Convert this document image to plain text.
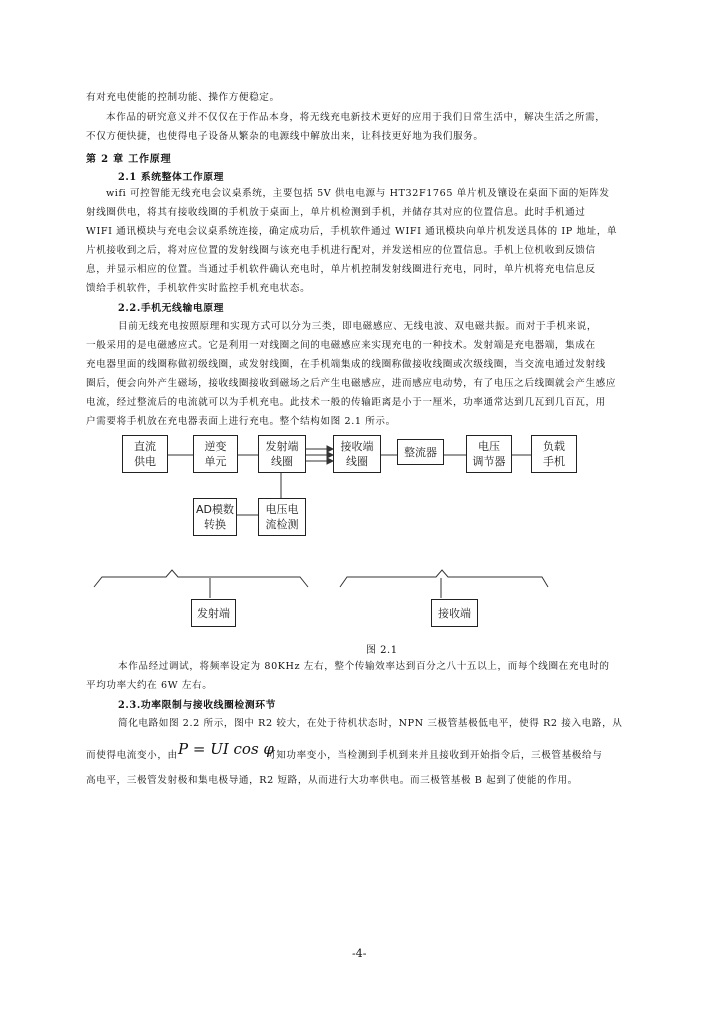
有对充电使能的控制功能、操作方便稳定。
本作品的研究意义并不仅仅在于作品本身，将无线充电新技术更好的应用于我们日常生活中，解决生活之所需，
不仅方便快捷，也使得电子设备从繁杂的电源线中解放出来，让科技更好地为我们服务。
第 2 章 工作原理
2.1 系统整体工作原理
wifi 可控智能无线充电会议桌系统，主要包括 5V 供电电源与 HT32F1765 单片机及镶设在桌面下面的矩阵发
射线圈供电，将其有接收线圈的手机放于桌面上，单片机检测到手机，并储存其对应的位置信息。此时手机通过
WIFI 通讯模块与充电会议桌系统连接，确定成功后，手机软件通过 WIFI 通讯模块向单片机发送具体的 IP 地址，单
片机接收到之后，将对应位置的发射线圈与该充电手机进行配对，并发送相应的位置信息。手机上位机收到反馈信
息，并显示相应的位置。当通过手机软件确认充电时，单片机控制发射线圈进行充电，同时，单片机将充电信息反
馈给手机软件，手机软件实时监控手机充电状态。
2.2.手机无线输电原理
目前无线充电按照原理和实现方式可以分为三类，即电磁感应、无线电波、双电磁共振。而对于手机来说，
一般采用的是电磁感应式。它是利用一对线圈之间的电磁感应来实现充电的一种技术。发射端是充电器端，集成在
充电器里面的线圈称做初级线圈，或发射线圈，在手机端集成的线圈称做接收线圈或次级线圈，当交流电通过发射线
圈后，便会向外产生磁场，接收线圈接收到磁场之后产生电磁感应，进而感应电动势，有了电压之后线圈就会产生感应
电流，经过整流后的电流就可以为手机充电。此技术一般的传输距离是小于一厘米，功率通常达到几瓦到几百瓦，用
户需要将手机放在充电器表面上进行充电。整个结构如图 2.1 所示。
直流
供电
逆变
单元
发射端
线圈
接收端
线圈
整流器	电压
调节器
负载
手机
AD模数
转换
电压电
流检测
发射端	接收端
图 2.1
本作品经过调试，将频率设定为 80KHz 左右，整个传输效率达到百分之八十五以上，而每个线圈在充电时的
平均功率大约在 6W 左右。
2.3.功率限制与接收线圈检测环节
简化电路如图 2.2 所示，图中 R2 较大，在处于待机状态时，NPN 三极管基极低电平，使得 R2 接入电路，从
而使得电流变小，由 P = UI cos φ
可知功率变小，当检测到手机到来并且接收到开始指令后，三极管基极给与
高电平，三极管发射极和集电极导通，R2 短路，从而进行大功率供电。而三极管基极 B 起到了使能的作用。
-4-
